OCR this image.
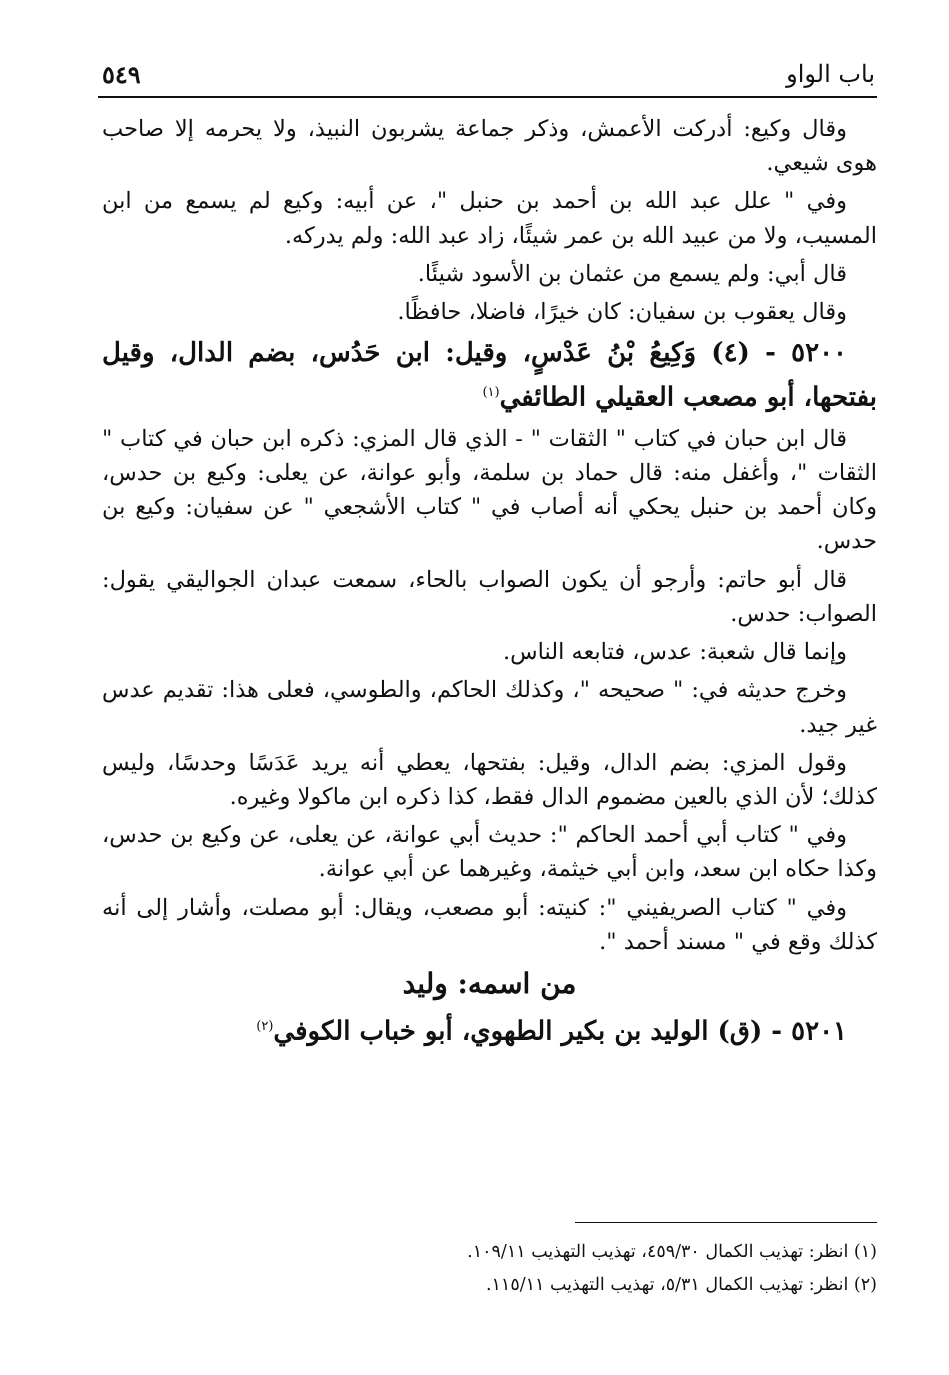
باب الواو
٥٤٩

وقال وكيع: أدركت الأعمش، وذكر جماعة يشربون النبيذ، ولا يحرمه إلا صاحب هوى شيعي.

وفي " علل عبد الله بن أحمد بن حنبل "، عن أبيه: وكيع لم يسمع من ابن المسيب، ولا من عبيد الله بن عمر شيئًا، زاد عبد الله: ولم يدركه.

قال أبي: ولم يسمع من عثمان بن الأسود شيئًا.

وقال يعقوب بن سفيان: كان خيرًا، فاضلا، حافظًا.

٥٢٠٠ - (٤) وَكِيعُ بْنُ عَدْسٍ، وقيل: ابن حَدُس، بضم الدال، وقيل بفتحها، أبو مصعب العقيلي الطائفي$^{(١)}$

قال ابن حبان في كتاب " الثقات " - الذي قال المزي: ذكره ابن حبان في كتاب " الثقات "، وأغفل منه: قال حماد بن سلمة، وأبو عوانة، عن يعلى: وكيع بن حدس، وكان أحمد بن حنبل يحكي أنه أصاب في " كتاب الأشجعي " عن سفيان: وكيع بن حدس.

قال أبو حاتم: وأرجو أن يكون الصواب بالحاء، سمعت عبدان الجواليقي يقول: الصواب: حدس.

وإنما قال شعبة: عدس، فتابعه الناس.

وخرج حديثه في: " صحيحه "، وكذلك الحاكم، والطوسي، فعلى هذا: تقديم عدس غير جيد.

وقول المزي: بضم الدال، وقيل: بفتحها، يعطي أنه يريد عَدَسًا وحدسًا، وليس كذلك؛ لأن الذي بالعين مضموم الدال فقط، كذا ذكره ابن ماكولا وغيره.

وفي " كتاب أبي أحمد الحاكم ": حديث أبي عوانة، عن يعلى، عن وكيع بن حدس، وكذا حكاه ابن سعد، وابن أبي خيثمة، وغيرهما عن أبي عوانة.

وفي " كتاب الصريفيني ": كنيته: أبو مصعب، ويقال: أبو مصلت، وأشار إلى أنه كذلك وقع في " مسند أحمد ".

من اسمه: وليد

٥٢٠١ - (ق) الوليد بن بكير الطهوي، أبو خباب الكوفي$^{(٢)}$

(١) انظر: تهذيب الكمال ٤٥٩/٣٠، تهذيب التهذيب ١٠٩/١١.
(٢) انظر: تهذيب الكمال ٥/٣١، تهذيب التهذيب ١١٥/١١.
